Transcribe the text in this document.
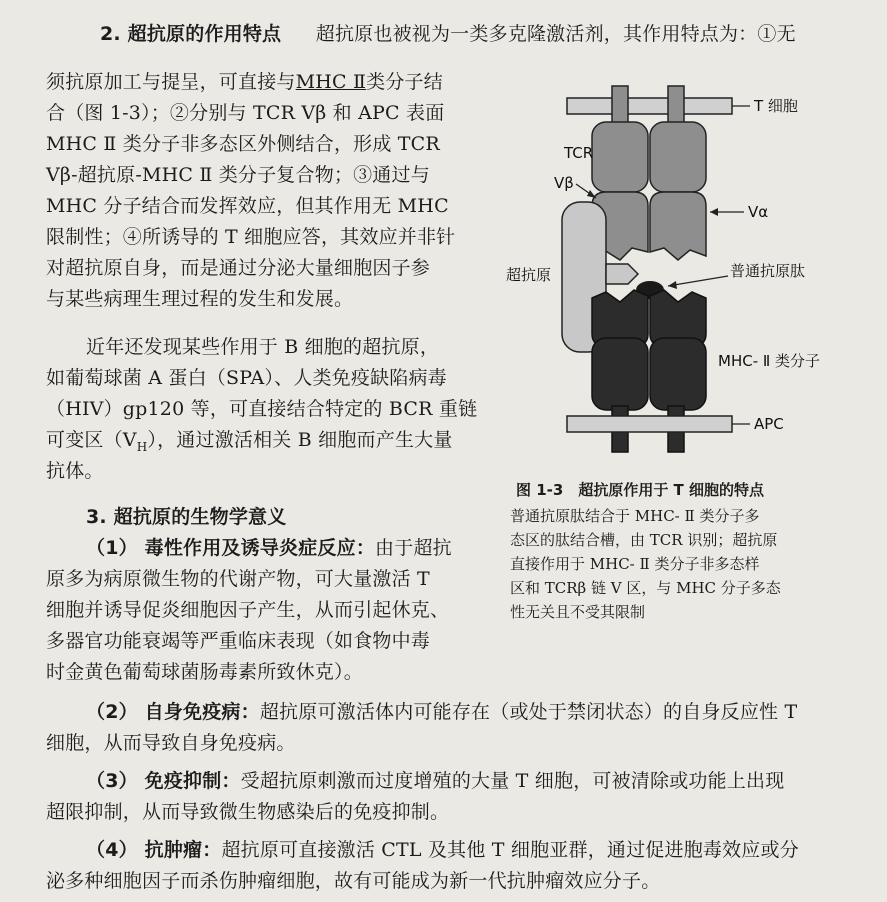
2. 超抗原的作用特点 超抗原也被视为一类多克隆激活剂，其作用特点为：①无
须抗原加工与提呈，可直接与MHC Ⅱ类分子结
合（图 1-3）；②分别与 TCR Vβ 和 APC 表面
MHC Ⅱ 类分子非多态区外侧结合，形成 TCR
Vβ-超抗原-MHC Ⅱ 类分子复合物；③通过与
MHC 分子结合而发挥效应，但其作用无 MHC
限制性；④所诱导的 T 细胞应答，其效应并非针
对超抗原自身，而是通过分泌大量细胞因子参
与某些病理生理过程的发生和发展。
近年还发现某些作用于 B 细胞的超抗原，
如葡萄球菌 A 蛋白（SPA）、人类免疫缺陷病毒
（HIV）gp120 等，可直接结合特定的 BCR 重链
可变区$(V_H)$，通过激活相关 B 细胞而产生大量
抗体。
3. 超抗原的生物学意义
（1） 毒性作用及诱导炎症反应：由于超抗
原多为病原微生物的代谢产物，可大量激活 T
细胞并诱导促炎细胞因子产生，从而引起休克、
多器官功能衰竭等严重临床表现（如食物中毒
时金黄色葡萄球菌肠毒素所致休克）。
（2） 自身免疫病：超抗原可激活体内可能存在（或处于禁闭状态）的自身反应性 T
细胞，从而导致自身免疫病。
（3） 免疫抑制：受超抗原刺激而过度增殖的大量 T 细胞，可被清除或功能上出现
超限抑制，从而导致微生物感染后的免疫抑制。
（4） 抗肿瘤：超抗原可直接激活 CTL 及其他 T 细胞亚群，通过促进胞毒效应或分
泌多种细胞因子而杀伤肿瘤细胞，故有可能成为新一代抗肿瘤效应分子。
T 细胞
TCR
Vβ
Vα
超抗原	普通抗原肽
MHC- Ⅱ 类分子
APC
图 1-3　超抗原作用于 T 细胞的特点
普通抗原肽结合于 MHC- Ⅱ 类分子多
态区的肽结合槽，由 TCR 识别；超抗原
直接作用于 MHC- Ⅱ 类分子非多态样
区和 TCRβ 链 V 区，与 MHC 分子多态
性无关且不受其限制
